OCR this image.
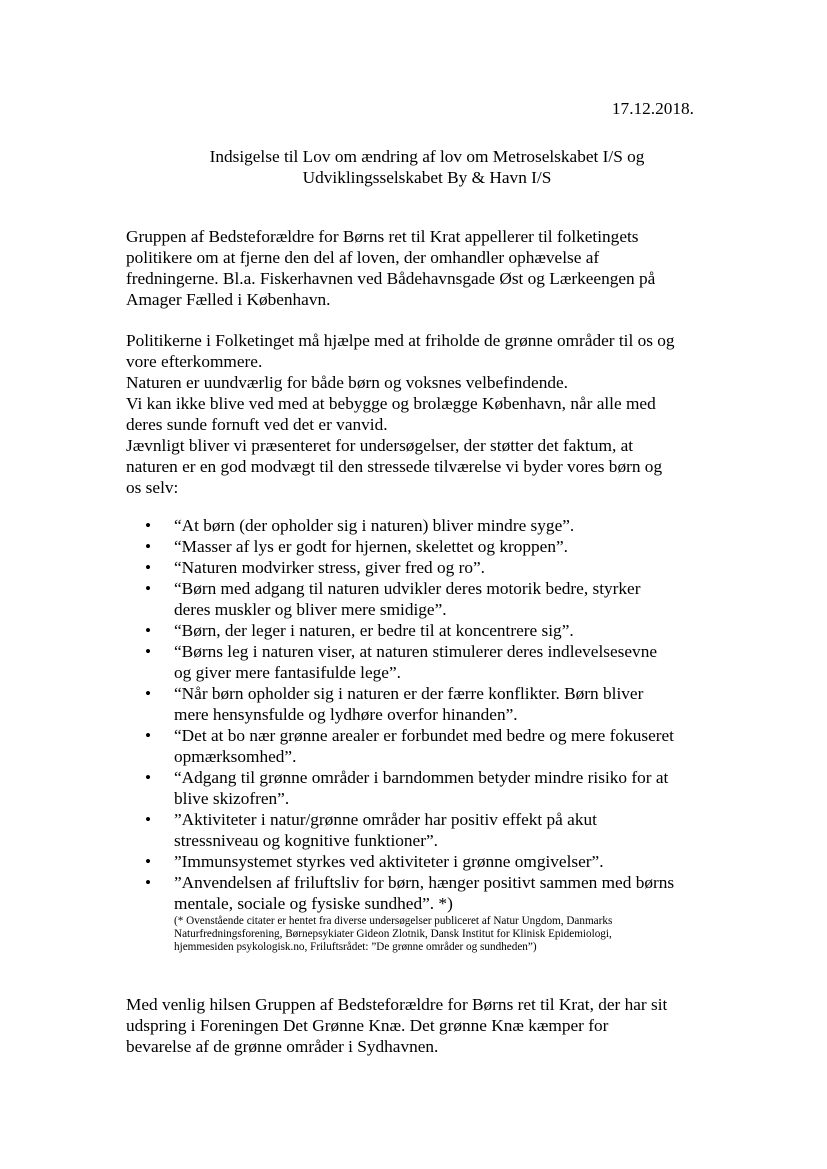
17.12.2018.
Indsigelse til Lov om ændring af lov om Metroselskabet I/S og
Udviklingsselskabet By & Havn I/S
Gruppen af Bedsteforældre for Børns ret til Krat appellerer til folketingets
politikere om at fjerne den del af loven, der omhandler ophævelse af
fredningerne. Bl.a. Fiskerhavnen ved Bådehavnsgade Øst og Lærkeengen på
Amager Fælled i København.
Politikerne i Folketinget må hjælpe med at friholde de grønne områder til os og
vore efterkommere.
Naturen er uundværlig for både børn og voksnes velbefindende.
Vi kan ikke blive ved med at bebygge og brolægge København, når alle med
deres sunde fornuft ved det er vanvid.
Jævnligt bliver vi præsenteret for undersøgelser, der støtter det faktum, at
naturen er en god modvægt til den stressede tilværelse vi byder vores børn og
os selv:
• “At børn (der opholder sig i naturen) bliver mindre syge”.
• “Masser af lys er godt for hjernen, skelettet og kroppen”.
• “Naturen modvirker stress, giver fred og ro”.
• “Børn med adgang til naturen udvikler deres motorik bedre, styrker
deres muskler og bliver mere smidige”.
• “Børn, der leger i naturen, er bedre til at koncentrere sig”.
• “Børns leg i naturen viser, at naturen stimulerer deres indlevelsesevne
og giver mere fantasifulde lege”.
• “Når børn opholder sig i naturen er der færre konflikter. Børn bliver
mere hensynsfulde og lydhøre overfor hinanden”.
• “Det at bo nær grønne arealer er forbundet med bedre og mere fokuseret
opmærksomhed”.
• “Adgang til grønne områder i barndommen betyder mindre risiko for at
blive skizofren”.
• ”Aktiviteter i natur/grønne områder har positiv effekt på akut
stressniveau og kognitive funktioner”.
• ”Immunsystemet styrkes ved aktiviteter i grønne omgivelser”.
• ”Anvendelsen af friluftsliv for børn, hænger positivt sammen med børns
mentale, sociale og fysiske sundhed”. *)
(* Ovenstående citater er hentet fra diverse undersøgelser publiceret af Natur Ungdom, Danmarks
Naturfredningsforening, Børnepsykiater Gideon Zlotnik, Dansk Institut for Klinisk Epidemiologi,
hjemmesiden psykologisk.no, Friluftsrådet: ”De grønne områder og sundheden”)
Med venlig hilsen Gruppen af Bedsteforældre for Børns ret til Krat, der har sit
udspring i Foreningen Det Grønne Knæ. Det grønne Knæ kæmper for
bevarelse af de grønne områder i Sydhavnen.
